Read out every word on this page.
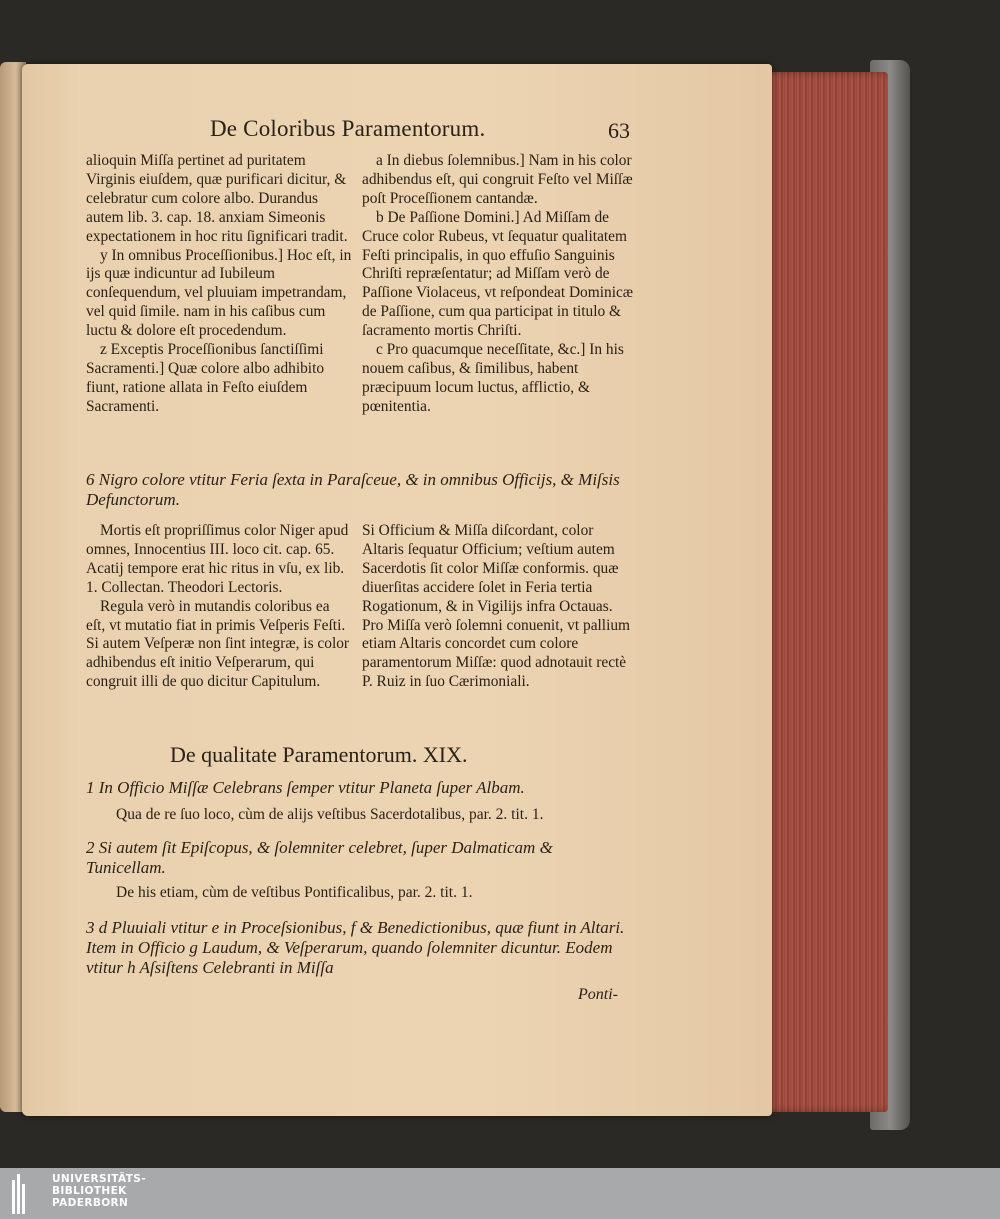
De Coloribus Paramentorum.	63

alioquin Miſſa pertinet ad puritatem Virginis eiuſdem, quæ purificari dicitur, & celebratur cum colore albo. Durandus autem lib. 3. cap. 18. anxiam Simeonis expectationem in hoc ritu ſignificari tradit.

y In omnibus Proceſſionibus.] Hoc eſt, in ijs quæ indicuntur ad Iubileum conſequendum, vel pluuiam impetrandam, vel quid ſimile. nam in his caſibus cum luctu & dolore eſt procedendum.

z Exceptis Proceſſionibus ſanctiſſimi Sacramenti.] Quæ colore albo adhibito fiunt, ratione allata in Feſto eiuſdem Sacramenti.

a In diebus ſolemnibus.] Nam in his color adhibendus eſt, qui congruit Feſto vel Miſſæ poſt Proceſſionem cantandæ.

b De Paſſione Domini.] Ad Miſſam de Cruce color Rubeus, vt ſequatur qualitatem Feſti principalis, in quo effuſio Sanguinis Chriſti repræſentatur; ad Miſſam verò de Paſſione Violaceus, vt reſpondeat Dominicæ de Paſſione, cum qua participat in titulo & ſacramento mortis Chriſti.

c Pro quacumque neceſſitate, &c.] In his nouem caſibus, & ſimilibus, habent præcipuum locum luctus, afflictio, & pœnitentia.

6 Nigro colore vtitur Feria ſexta in Paraſceue, & in omnibus Officijs, & Miſsis Defunctorum.

Mortis eſt propriſſimus color Niger apud omnes, Innocentius III. loco cit. cap. 65. Acatij tempore erat hic ritus in vſu, ex lib. 1. Collectan. Theodori Lectoris.

Regula verò in mutandis coloribus ea eſt, vt mutatio fiat in primis Veſperis Feſti. Si autem Veſperæ non ſint integræ, is color adhibendus eſt initio Veſperarum, qui congruit illi de quo dicitur Capitulum.

Si Officium & Miſſa diſcordant, color Altaris ſequatur Officium; veſtium autem Sacerdotis ſit color Miſſæ conformis. quæ diuerſitas accidere ſolet in Feria tertia Rogationum, & in Vigilijs infra Octauas. Pro Miſſa verò ſolemni conuenit, vt pallium etiam Altaris concordet cum colore paramentorum Miſſæ: quod adnotauit rectè P. Ruiz in ſuo Cærimoniali.

De qualitate Paramentorum. XIX.
1 In Officio Miſſæ Celebrans ſemper vtitur Planeta ſuper Albam.
Qua de re ſuo loco, cùm de alijs veſtibus Sacerdotalibus, par. 2. tit. 1.
2 Si autem ſit Epiſcopus, & ſolemniter celebret, ſuper Dalmaticam & Tunicellam.
De his etiam, cùm de veſtibus Pontificalibus, par. 2. tit. 1.
3 d Pluuiali vtitur e in Proceſsionibus, f & Benedictionibus, quæ fiunt in Altari. Item in Officio g Laudum, & Veſperarum, quando ſolemniter dicuntur. Eodem vtitur h Aſsiſtens Celebranti in Miſſa
Ponti-
UNIVERSITÄTS-
BIBLIOTHEK
PADERBORN
